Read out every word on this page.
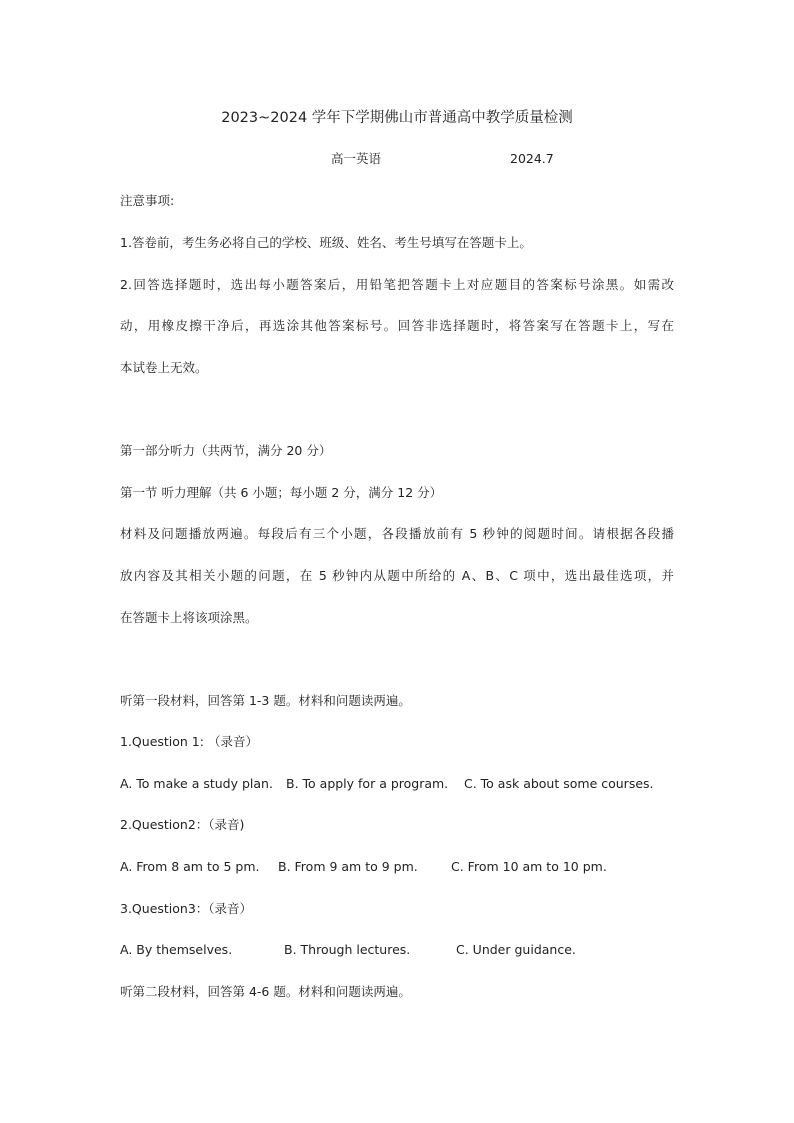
2023~2024 学年下学期佛山市普通高中教学质量检测
高一英语	2024.7
注意事项:
1.答卷前，考生务必将自己的学校、班级、姓名、考生号填写在答题卡上。
2.回答选择题时，选出每小题答案后，用铅笔把答题卡上对应题目的答案标号涂黑。如需改
动，用橡皮擦干净后，再选涂其他答案标号。回答非选择题时，将答案写在答题卡上，写在
本试卷上无效。
第一部分听力（共两节，满分 20 分）
第一节 听力理解（共 6 小题；每小题 2 分，满分 12 分）
材料及问题播放两遍。每段后有三个小题，各段播放前有 5 秒钟的阅题时间。请根据各段播
放内容及其相关小题的问题，在 5 秒钟内从题中所给的 A、B、C 项中，选出最佳选项，并
在答题卡上将该项涂黑。
听第一段材料，回答第 1-3 题。材料和问题读两遍。
1.Question 1: （录音）
A. To make a study plan. B. To apply for a program. C. To ask about some courses.
2.Question2：（录音)
A. From 8 am to 5 pm. B. From 9 am to 9 pm.	C. From 10 am to 10 pm.
3.Question3：（录音）
A. By themselves.	B. Through lectures.	C. Under guidance.
听第二段材料，回答第 4-6 题。材料和问题读两遍。
